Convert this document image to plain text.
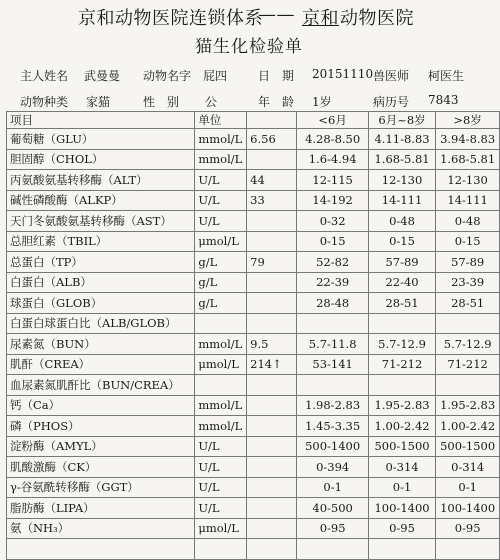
京和动物医院连锁体系
—— 京和 动物医院
猫生化检验单
主人姓名 武曼曼 动物名字 屁四	日　期 20151110 兽医师 柯医生
动物种类 家猫	性　别 公	年　龄 1岁	病历号 7843
项目	单位		<6月	6月~8岁	>8岁
葡萄糖（GLU）	mmol/L	6.56	4.28-8.50	4.11-8.83	3.94-8.83
胆固醇（CHOL）	mmol/L		1.6-4.94	1.68-5.81	1.68-5.81
丙氨酸氨基转移酶（ALT）	U/L	44	12-115	12-130	12-130
碱性磷酸酶（ALKP）	U/L	33	14-192	14-111	14-111
天门冬氨酸氨基转移酶（AST）	U/L		0-32	0-48	0-48
总胆红素（TBIL）	μmol/L		0-15	0-15	0-15
总蛋白（TP）	g/L	79	52-82	57-89	57-89
白蛋白（ALB）	g/L		22-39	22-40	23-39
球蛋白（GLOB）	g/L		28-48	28-51	28-51
白蛋白球蛋白比（ALB/GLOB）					
尿素氮（BUN）	mmol/L	9.5	5.7-11.8	5.7-12.9	5.7-12.9
肌酐（CREA）	μmol/L	214↑	53-141	71-212	71-212
血尿素氮肌酐比（BUN/CREA）					
钙（Ca）	mmol/L		1.98-2.83	1.95-2.83	1.95-2.83
磷（PHOS）	mmol/L		1.45-3.35	1.00-2.42	1.00-2.42
淀粉酶（AMYL）	U/L		500-1400	500-1500	500-1500
肌酸激酶（CK）	U/L		0-394	0-314	0-314
γ-谷氨酰转移酶（GGT）	U/L		0-1	0-1	0-1
脂肪酶（LIPA）	U/L		40-500	100-1400	100-1400
氨（NH₃）	μmol/L		0-95	0-95	0-95
